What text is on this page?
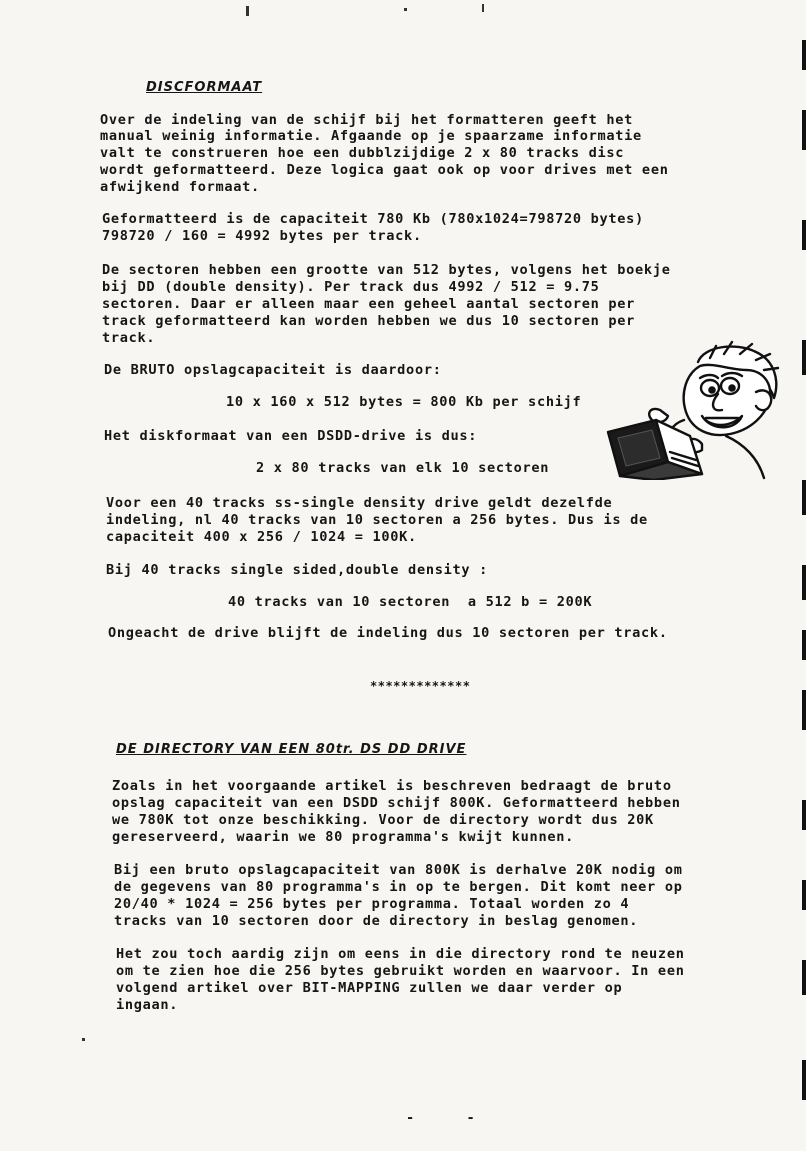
DISCFORMAAT
Over de indeling van de schijf bij het formatteren geeft het
manual weinig informatie. Afgaande op je spaarzame informatie
valt te construeren hoe een dubblzijdige 2 x 80 tracks disc
wordt geformatteerd. Deze logica gaat ook op voor drives met een
afwijkend formaat.
Geformatteerd is de capaciteit 780 Kb (780x1024=798720 bytes)
798720 / 160 = 4992 bytes per track.
De sectoren hebben een grootte van 512 bytes, volgens het boekje
bij DD (double density). Per track dus 4992 / 512 = 9.75
sectoren. Daar er alleen maar een geheel aantal sectoren per
track geformatteerd kan worden hebben we dus 10 sectoren per
track.
De BRUTO opslagcapaciteit is daardoor:
10 x 160 x 512 bytes = 800 Kb per schijf
Het diskformaat van een DSDD-drive is dus:
2 x 80 tracks van elk 10 sectoren
Voor een 40 tracks ss-single density drive geldt dezelfde
indeling, nl 40 tracks van 10 sectoren a 256 bytes. Dus is de
capaciteit 400 x 256 / 1024 = 100K.
Bij 40 tracks single sided,double density :
40 tracks van 10 sectoren  a 512 b = 200K
Ongeacht de drive blijft de indeling dus 10 sectoren per track.
*************
DE DIRECTORY VAN EEN 80tr. DS DD DRIVE
Zoals in het voorgaande artikel is beschreven bedraagt de bruto
opslag capaciteit van een DSDD schijf 800K. Geformatteerd hebben
we 780K tot onze beschikking. Voor de directory wordt dus 20K
gereserveerd, waarin we 80 programma's kwijt kunnen.
Bij een bruto opslagcapaciteit van 800K is derhalve 20K nodig om
de gegevens van 80 programma's in op te bergen. Dit komt neer op
20/40 * 1024 = 256 bytes per programma. Totaal worden zo 4
tracks van 10 sectoren door de directory in beslag genomen.
Het zou toch aardig zijn om eens in die directory rond te neuzen
om te zien hoe die 256 bytes gebruikt worden en waarvoor. In een
volgend artikel over BIT-MAPPING zullen we daar verder op
ingaan.
-  -
